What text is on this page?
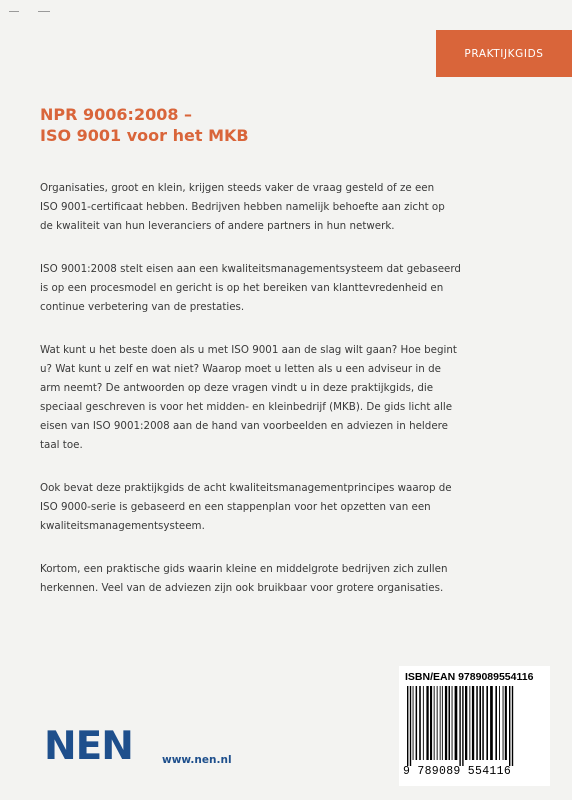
PRAKTIJKGIDS
NPR 9006:2008 –
ISO 9001 voor het MKB

Organisaties, groot en klein, krijgen steeds vaker de vraag gesteld of ze een
ISO 9001-certificaat hebben. Bedrijven hebben namelijk behoefte aan zicht op
de kwaliteit van hun leveranciers of andere partners in hun netwerk.

ISO 9001:2008 stelt eisen aan een kwaliteitsmanagementsysteem dat gebaseerd
is op een procesmodel en gericht is op het bereiken van klanttevredenheid en
continue verbetering van de prestaties.

Wat kunt u het beste doen als u met ISO 9001 aan de slag wilt gaan? Hoe begint
u? Wat kunt u zelf en wat niet? Waarop moet u letten als u een adviseur in de
arm neemt? De antwoorden op deze vragen vindt u in deze praktijkgids, die
speciaal geschreven is voor het midden- en kleinbedrijf (MKB). De gids licht alle
eisen van ISO 9001:2008 aan de hand van voorbeelden en adviezen in heldere
taal toe.

Ook bevat deze praktijkgids de acht kwaliteitsmanagementprincipes waarop de
ISO 9000-serie is gebaseerd en een stappenplan voor het opzetten van een
kwaliteitsmanagementsysteem.

Kortom, een praktische gids waarin kleine en middelgrote bedrijven zich zullen
herkennen. Veel van de adviezen zijn ook bruikbaar voor grotere organisaties.

NEN	www.nen.nl
ISBN/EAN 9789089554116
9 789089 554116
